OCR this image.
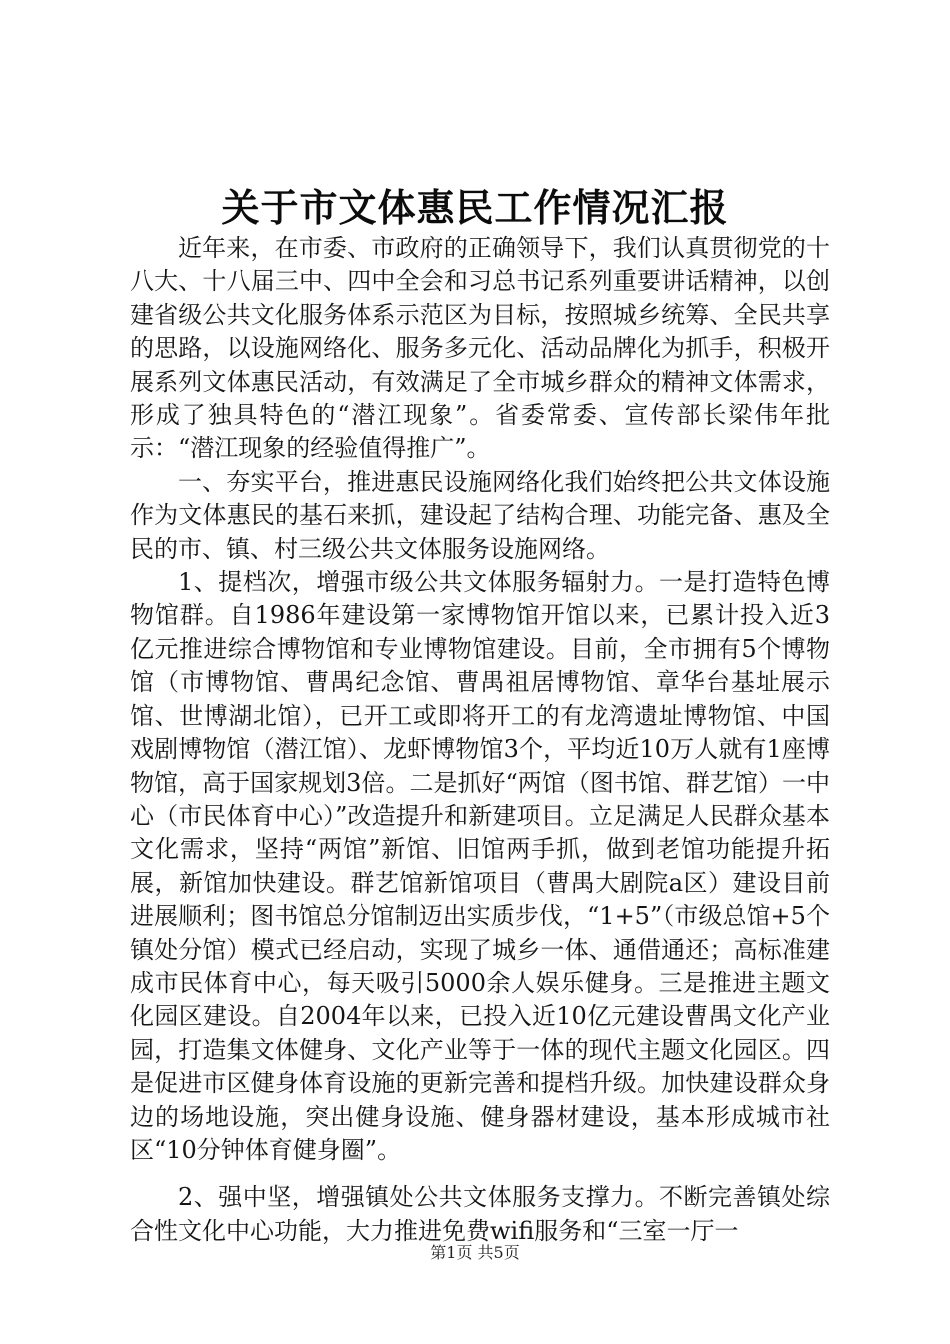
关于市文体惠民工作情况汇报

近年来，在市委、市政府的正确领导下，我们认真贯彻党的十八大、十八届三中、四中全会和习总书记系列重要讲话精神，以创建省级公共文化服务体系示范区为目标，按照城乡统筹、全民共享的思路，以设施网络化、服务多元化、活动品牌化为抓手，积极开展系列文体惠民活动，有效满足了全市城乡群众的精神文体需求，形成了独具特色的“潜江现象”。省委常委、宣传部长梁伟年批示：“潜江现象的经验值得推广”。

一、夯实平台，推进惠民设施网络化我们始终把公共文体设施作为文体惠民的基石来抓，建设起了结构合理、功能完备、惠及全民的市、镇、村三级公共文体服务设施网络。

1、提档次，增强市级公共文体服务辐射力。一是打造特色博物馆群。自1986年建设第一家博物馆开馆以来，已累计投入近3亿元推进综合博物馆和专业博物馆建设。目前，全市拥有5个博物馆（市博物馆、曹禺纪念馆、曹禺祖居博物馆、章华台基址展示馆、世博湖北馆），已开工或即将开工的有龙湾遗址博物馆、中国戏剧博物馆（潜江馆）、龙虾博物馆3个，平均近10万人就有1座博物馆，高于国家规划3倍。二是抓好“两馆（图书馆、群艺馆）一中心（市民体育中心）”改造提升和新建项目。立足满足人民群众基本文化需求，坚持“两馆”新馆、旧馆两手抓，做到老馆功能提升拓展，新馆加快建设。群艺馆新馆项目（曹禺大剧院a区）建设目前进展顺利；图书馆总分馆制迈出实质步伐，“1+5”（市级总馆+5个镇处分馆）模式已经启动，实现了城乡一体、通借通还；高标准建成市民体育中心，每天吸引5000余人娱乐健身。三是推进主题文化园区建设。自2004年以来，已投入近10亿元建设曹禺文化产业园，打造集文体健身、文化产业等于一体的现代主题文化园区。四是促进市区健身体育设施的更新完善和提档升级。加快建设群众身边的场地设施，突出健身设施、健身器材建设，基本形成城市社区“10分钟体育健身圈”。

2、强中坚，增强镇处公共文体服务支撑力。不断完善镇处综合性文化中心功能，大力推进免费wifi服务和“三室一厅一

第1页 共5页
